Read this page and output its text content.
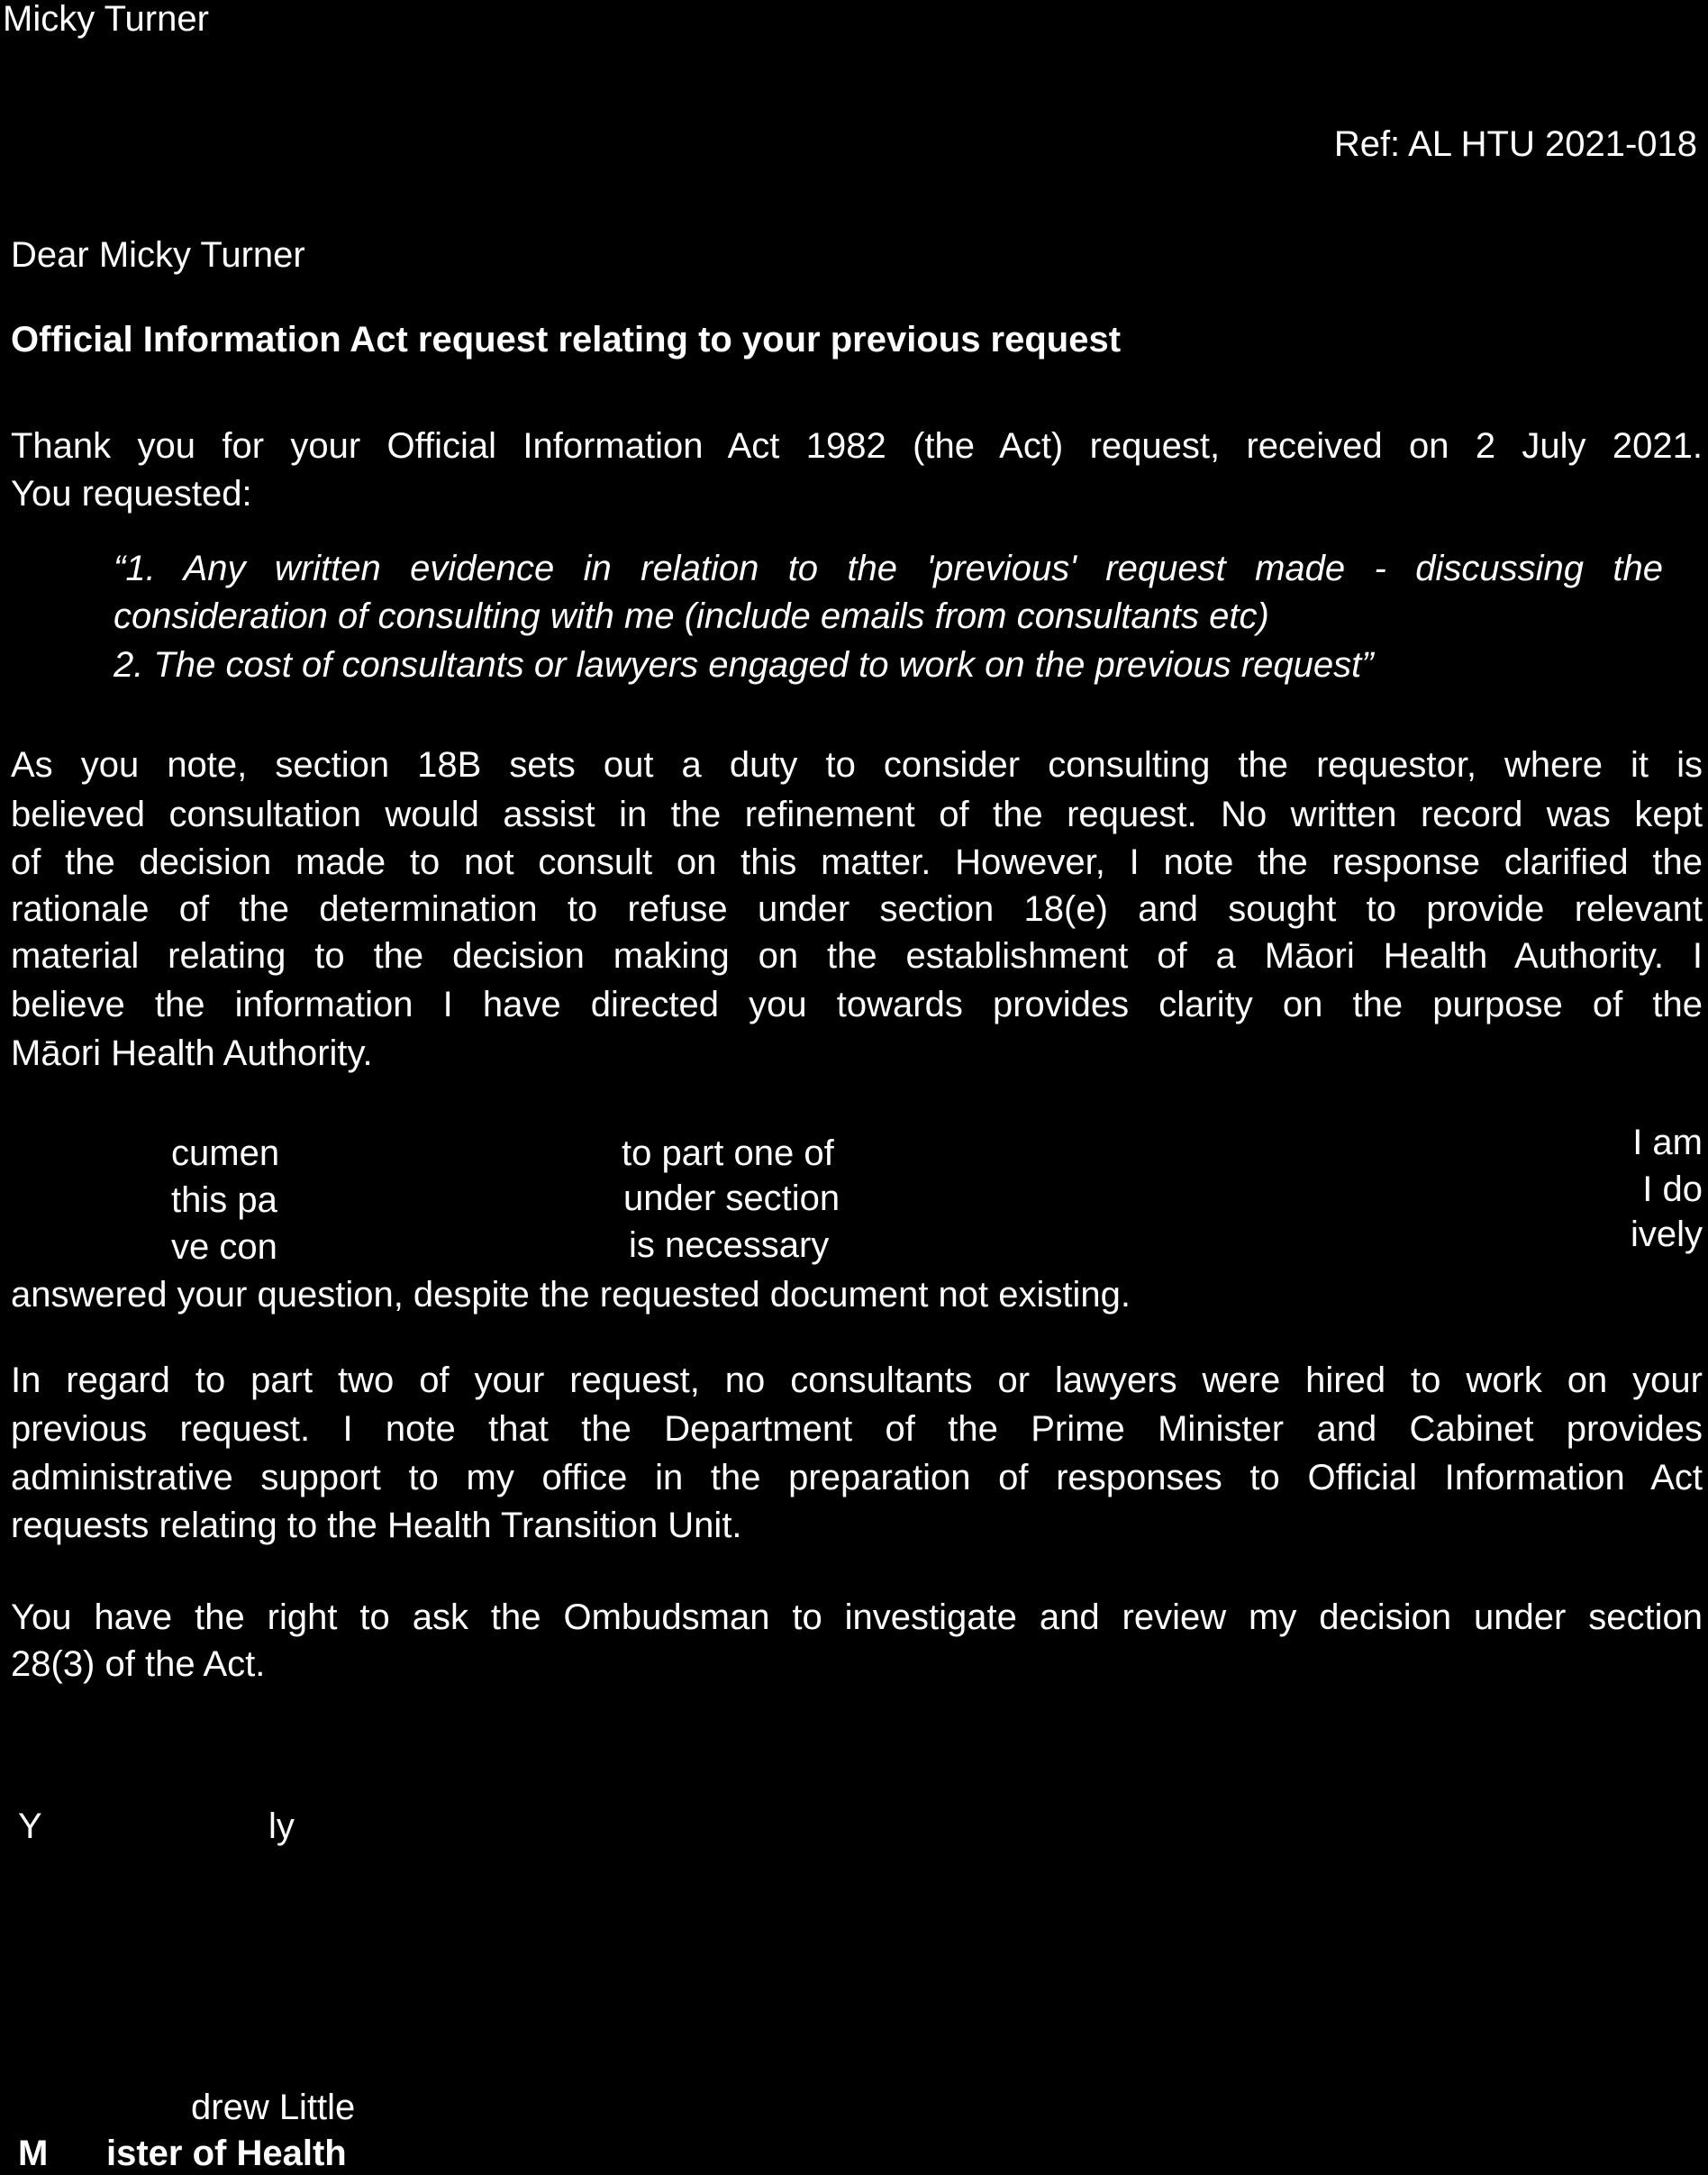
Micky Turner
Ref: AL HTU 2021-018
Dear Micky Turner
Official Information Act request relating to your previous request
Thank you for your Official Information Act 1982 (the Act) request, received on 2 July 2021.
You requested:
“1. Any written evidence in relation to the 'previous' request made - discussing the
consideration of consulting with me (include emails from consultants etc)
2. The cost of consultants or lawyers engaged to work on the previous request”
As you note, section 18B sets out a duty to consider consulting the requestor, where it is
believed consultation would assist in the refinement of the request. No written record was kept
of the decision made to not consult on this matter. However, I note the response clarified the
rationale of the determination to refuse under section 18(e) and sought to provide relevant
material relating to the decision making on the establishment of a Māori Health Authority. I
believe the information I have directed you towards provides clarity on the purpose of the
Māori Health Authority.
cumen	to part one of	I am
this pa	under section	I do
ve con	is necessary	ively
answered your question, despite the requested document not existing.
In regard to part two of your request, no consultants or lawyers were hired to work on your
previous request. I note that the Department of the Prime Minister and Cabinet provides
administrative support to my office in the preparation of responses to Official Information Act
requests relating to the Health Transition Unit.
You have the right to ask the Ombudsman to investigate and review my decision under section
28(3) of the Act.
Y	ly
drew Little
M ister of Health
